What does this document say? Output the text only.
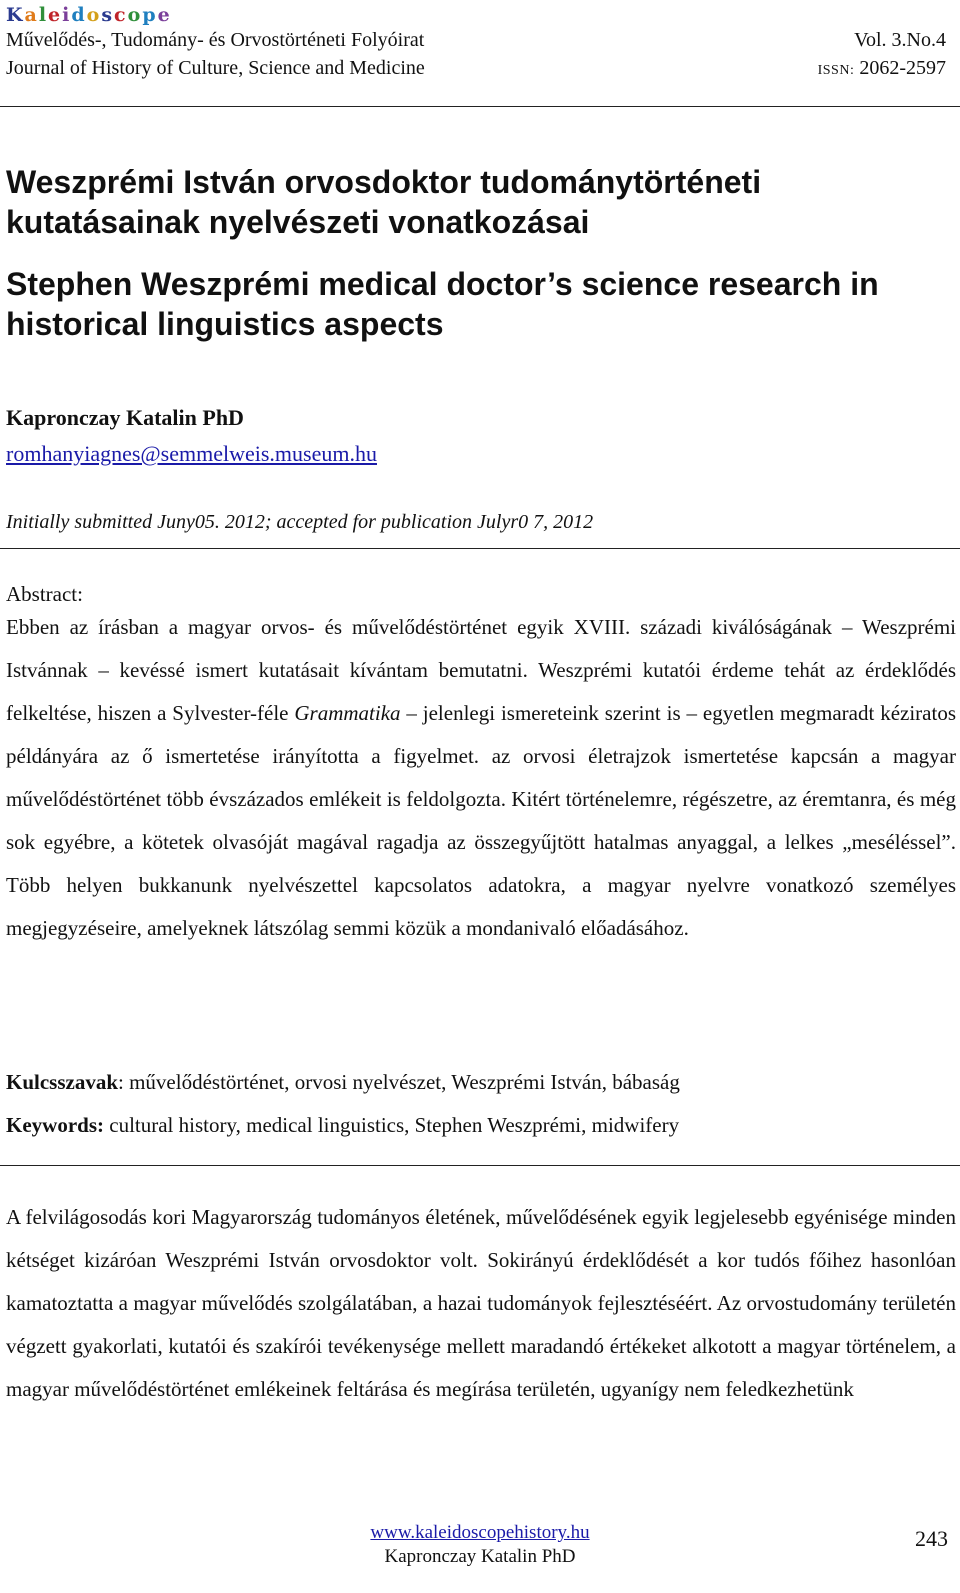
Kaleidoscope
Művelődés-, Tudomány- és Orvostörténeti Folyóirat	Vol. 3.No.4
Journal of History of Culture, Science and Medicine	ISSN: 2062-2597
Weszprémi István orvosdoktor tudománytörténeti kutatásainak nyelvészeti vonatkozásai
Stephen Weszprémi medical doctor’s science research in historical linguistics aspects
Kapronczay Katalin PhD
romhanyiagnes@semmelweis.museum.hu
Initially submitted Juny05. 2012; accepted for publication Julyr0 7, 2012
Abstract:
Ebben az írásban a magyar orvos- és művelődéstörténet egyik XVIII. századi kiválóságának – Weszprémi Istvánnak – kevéssé ismert kutatásait kívántam bemutatni. Weszprémi kutatói érdeme tehát az érdeklődés felkeltése, hiszen a Sylvester-féle Grammatika – jelenlegi ismereteink szerint is – egyetlen megmaradt kéziratos példányára az ő ismertetése irányította a figyelmet. az orvosi életrajzok ismertetése kapcsán a magyar művelődéstörténet több évszázados emlékeit is feldolgozta. Kitért történelemre, régészetre, az éremtanra, és még sok egyébre, a kötetek olvasóját magával ragadja az összegyűjtött hatalmas anyaggal, a lelkes „meséléssel”. Több helyen bukkanunk nyelvészettel kapcsolatos adatokra, a magyar nyelvre vonatkozó személyes megjegyzéseire, amelyeknek látszólag semmi közük a mondanivaló előadásához.
Kulcsszavak: művelődéstörténet, orvosi nyelvészet, Weszprémi István, bábaság
Keywords: cultural history, medical linguistics, Stephen Weszprémi, midwifery
A felvilágosodás kori Magyarország tudományos életének, művelődésének egyik legjelesebb egyénisége minden kétséget kizáróan Weszprémi István orvosdoktor volt. Sokirányú érdeklődését a kor tudós főihez hasonlóan kamatoztatta a magyar művelődés szolgálatában, a hazai tudományok fejlesztéséért. Az orvostudomány területén végzett gyakorlati, kutatói és szakírói tevékenysége mellett maradandó értékeket alkotott a magyar történelem, a magyar művelődéstörténet emlékeinek feltárása és megírása területén, ugyanígy nem feledkezhetünk
www.kaleidoscopehistory.hu
Kapronczay Katalin PhD
243
